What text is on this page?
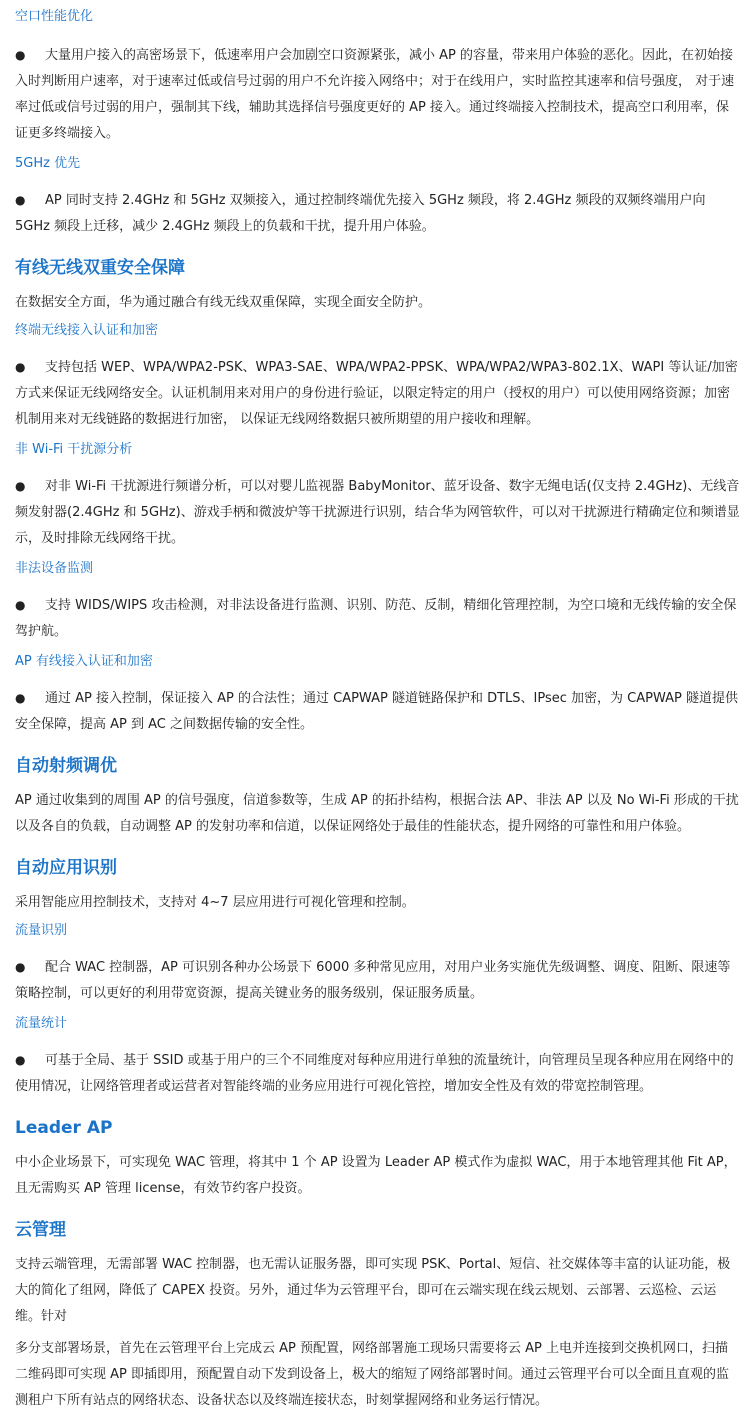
空口性能优化

● 大量用户接入的高密场景下，低速率用户会加剧空口资源紧张，减小 AP 的容量，带来用户体验的恶化。因此，在初始接入时判断用户速率，对于速率过低或信号过弱的用户不允许接入网络中；对于在线用户，实时监控其速率和信号强度， 对于速率过低或信号过弱的用户，强制其下线，辅助其选择信号强度更好的 AP 接入。通过终端接入控制技术，提高空口利用率，保证更多终端接入。

5GHz 优先

● AP 同时支持 2.4GHz 和 5GHz 双频接入，通过控制终端优先接入 5GHz 频段，将 2.4GHz 频段的双频终端用户向 5GHz 频段上迁移，减少 2.4GHz 频段上的负载和干扰，提升用户体验。

有线无线双重安全保障

在数据安全方面，华为通过融合有线无线双重保障，实现全面安全防护。

终端无线接入认证和加密

● 支持包括 WEP、WPA/WPA2-PSK、WPA3-SAE、WPA/WPA2-PPSK、WPA/WPA2/WPA3-802.1X、WAPI 等认证/加密方式来保证无线网络安全。认证机制用来对用户的身份进行验证，以限定特定的用户（授权的用户）可以使用网络资源；加密机制用来对无线链路的数据进行加密， 以保证无线网络数据只被所期望的用户接收和理解。

非 Wi-Fi 干扰源分析

● 对非 Wi-Fi 干扰源进行频谱分析，可以对婴儿监视器 BabyMonitor、蓝牙设备、数字无绳电话(仅支持 2.4GHz)、无线音频发射器(2.4GHz 和 5GHz)、游戏手柄和微波炉等干扰源进行识别，结合华为网管软件，可以对干扰源进行精确定位和频谱显示，及时排除无线网络干扰。

非法设备监测

● 支持 WIDS/WIPS 攻击检测，对非法设备进行监测、识别、防范、反制，精细化管理控制，为空口境和无线传输的安全保驾护航。

AP 有线接入认证和加密

● 通过 AP 接入控制，保证接入 AP 的合法性；通过 CAPWAP 隧道链路保护和 DTLS、IPsec 加密，为 CAPWAP 隧道提供安全保障，提高 AP 到 AC 之间数据传输的安全性。

自动射频调优

AP 通过收集到的周围 AP 的信号强度，信道参数等，生成 AP 的拓扑结构，根据合法 AP、非法 AP 以及 No Wi-Fi 形成的干扰以及各自的负载，自动调整 AP 的发射功率和信道，以保证网络处于最佳的性能状态，提升网络的可靠性和用户体验。

自动应用识别

采用智能应用控制技术，支持对 4~7 层应用进行可视化管理和控制。

流量识别

● 配合 WAC 控制器，AP 可识别各种办公场景下 6000 多种常见应用，对用户业务实施优先级调整、调度、阻断、限速等策略控制，可以更好的利用带宽资源，提高关键业务的服务级别，保证服务质量。

流量统计

● 可基于全局、基于 SSID 或基于用户的三个不同维度对每种应用进行单独的流量统计，向管理员呈现各种应用在网络中的使用情况，让网络管理者或运营者对智能终端的业务应用进行可视化管控，增加安全性及有效的带宽控制管理。

Leader AP

中小企业场景下，可实现免 WAC 管理，将其中 1 个 AP 设置为 Leader AP 模式作为虚拟 WAC，用于本地管理其他 Fit AP，且无需购买 AP 管理 license，有效节约客户投资。

云管理

支持云端管理，无需部署 WAC 控制器，也无需认证服务器，即可实现 PSK、Portal、短信、社交媒体等丰富的认证功能，极大的简化了组网，降低了 CAPEX 投资。另外，通过华为云管理平台，即可在云端实现在线云规划、云部署、云巡检、云运维。针对

多分支部署场景，首先在云管理平台上完成云 AP 预配置，网络部署施工现场只需要将云 AP 上电并连接到交换机网口，扫描二维码即可实现 AP 即插即用，预配置自动下发到设备上，极大的缩短了网络部署时间。通过云管理平台可以全面且直观的监测租户下所有站点的网络状态、设备状态以及终端连接状态，时刻掌握网络和业务运行情况。
